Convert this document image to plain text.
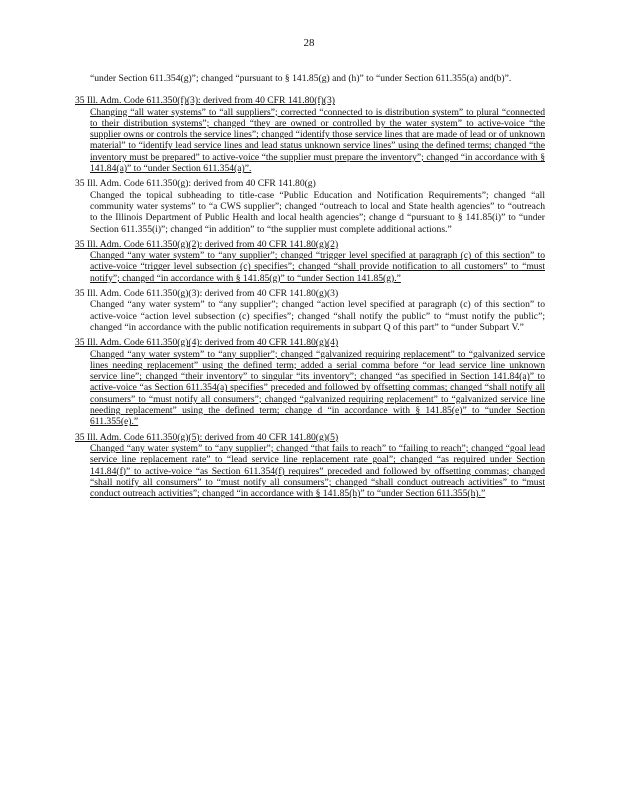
28
“under Section 611.354(g)”; changed “pursuant to § 141.85(g) and (h)” to “under Section 611.355(a) and(b)”.
35 Ill. Adm. Code 611.350(f)(3): derived from 40 CFR 141.80(f)(3)
Changing “all water systems” to “all suppliers”; corrected “connected to is distribution system” to plural “connected to their distribution systems”; changed “they are owned or controlled by the water system” to active-voice “the supplier owns or controls the service lines”; changed “identify those service lines that are made of lead or of unknown material” to “identify lead service lines and lead status unknown service lines” using the defined terms; changed “the inventory must be prepared” to active-voice “the supplier must prepare the inventory”; changed “in accordance with § 141.84(a)” to “under Section 611.354(a)”.
35 Ill. Adm. Code 611.350(g): derived from 40 CFR 141.80(g)
Changed the topical subheading to title-case “Public Education and Notification Requirements”; changed “all community water systems” to “a CWS supplier”; changed “outreach to local and State health agencies” to “outreach to the Illinois Department of Public Health and local health agencies”; change d “pursuant to § 141.85(i)” to “under Section 611.355(i)”; changed “in addition” to “the supplier must complete additional actions.”
35 Ill. Adm. Code 611.350(g)(2): derived from 40 CFR 141.80(g)(2)
Changed “any water system” to “any supplier”; changed “trigger level specified at paragraph (c) of this section” to active-voice “trigger level subsection (c) specifies”; changed “shall provide notification to all customers” to “must notify”; changed “in accordance with § 141.85(g)” to “under Section 141.85(g).”
35 Ill. Adm. Code 611.350(g)(3): derived from 40 CFR 141.80(g)(3)
Changed “any water system” to “any supplier”; changed “action level specified at paragraph (c) of this section” to active-voice “action level subsection (c) specifies”; changed “shall notify the public” to “must notify the public”; changed “in accordance with the public notification requirements in subpart Q of this part” to “under Subpart V.”
35 Ill. Adm. Code 611.350(g)(4): derived from 40 CFR 141.80(g)(4)
Changed “any water system” to “any supplier”; changed “galvanized requiring replacement” to “galvanized service lines needing replacement” using the defined term; added a serial comma before “or lead service line unknown service line”; changed “their inventory” to singular “its inventory”; changed “as specified in Section 141.84(a)” to active-voice “as Section 611.354(a) specifies” preceded and followed by offsetting commas; changed “shall notify all consumers” to “must notify all consumers”; changed “galvanized requiring replacement” to “galvanized service line needing replacement” using the defined term; change d “in accordance with § 141.85(e)” to “under Section 611.355(e).”
35 Ill. Adm. Code 611.350(g)(5): derived from 40 CFR 141.80(g)(5)
Changed “any water system” to “any supplier”; changed “that fails to reach” to “failing to reach”; changed “goal lead service line replacement rate” to “lead service line replacement rate goal”; changed “as required under Section 141.84(f)” to active-voice “as Section 611.354(f) requires” preceded and followed by offsetting commas; changed “shall notify all consumers” to “must notify all consumers”; changed “shall conduct outreach activities” to “must conduct outreach activities”; changed “in accordance with § 141.85(h)” to “under Section 611.355(h).”
